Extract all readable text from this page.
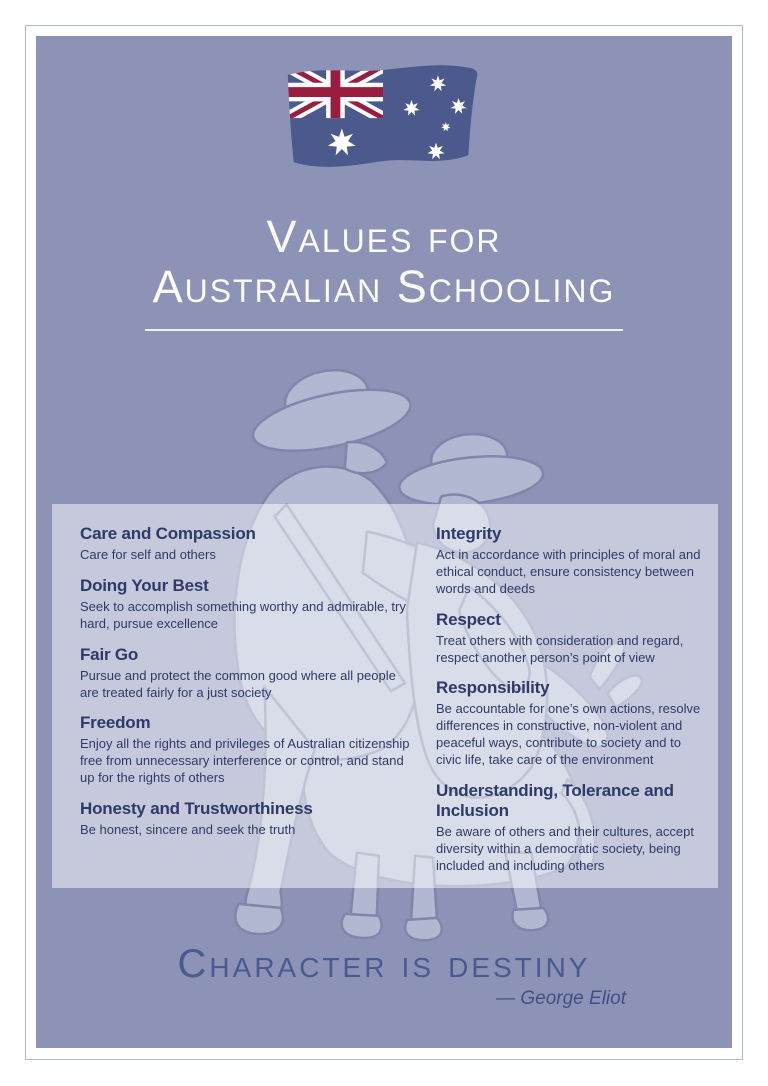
Values for
Australian Schooling
Care and Compassion
Care for self and others
Doing Your Best
Seek to accomplish something worthy and admirable, try hard, pursue excellence
Fair Go
Pursue and protect the common good where all people are treated fairly for a just society
Freedom
Enjoy all the rights and privileges of Australian citizenship free from unnecessary interference or control, and stand up for the rights of others
Honesty and Trustworthiness
Be honest, sincere and seek the truth
Integrity
Act in accordance with principles of moral and ethical conduct, ensure consistency between words and deeds
Respect
Treat others with consideration and regard, respect another person’s point of view
Responsibility
Be accountable for one’s own actions, resolve differences in constructive, non-violent and peaceful ways, contribute to society and to civic life, take care of the environment
Understanding, Tolerance and Inclusion
Be aware of others and their cultures, accept diversity within a democratic society, being included and including others
Character is destiny
— George Eliot
